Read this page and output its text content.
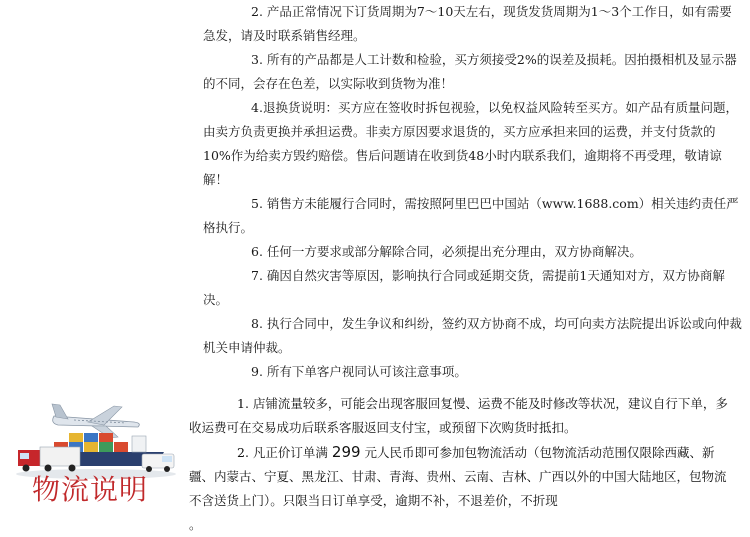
2. 产品正常情况下订货周期为7～10天左右，现货发货周期为1～3个工作日，如有需要急发，请及时联系销售经理。

3. 所有的产品都是人工计数和检验，买方须接受2%的误差及损耗。因拍摄相机及显示器的不同，会存在色差，以实际收到货物为准！

4.退换货说明：买方应在签收时拆包视验，以免权益风险转至买方。如产品有质量问题，由卖方负责更换并承担运费。非卖方原因要求退货的，买方应承担来回的运费，并支付货款的10%作为给卖方毁约赔偿。售后问题请在收到货48小时内联系我们，逾期将不再受理，敬请谅解！

5. 销售方未能履行合同时，需按照阿里巴巴中国站（www.1688.com）相关违约责任严格执行。

6. 任何一方要求或部分解除合同，必须提出充分理由，双方协商解决。

7. 确因自然灾害等原因，影响执行合同或延期交货，需提前1天通知对方，双方协商解决。

8. 执行合同中，发生争议和纠纷，签约双方协商不成，均可向卖方法院提出诉讼或向仲裁机关申请仲裁。

9. 所有下单客户视同认可该注意事项。

物流说明

1. 店铺流量较多，可能会出现客服回复慢、运费不能及时修改等状况，建议自行下单，多收运费可在交易成功后联系客服返回支付宝，或预留下次购货时抵扣。

2. 凡正价订单满 299 元人民币即可参加包物流活动（包物流活动范围仅限除西藏、新疆、内蒙古、宁夏、黑龙江、甘肃、青海、贵州、云南、吉林、广西以外的中国大陆地区，包物流不含送货上门）。只限当日订单享受，逾期不补，不退差价，不折现

。
